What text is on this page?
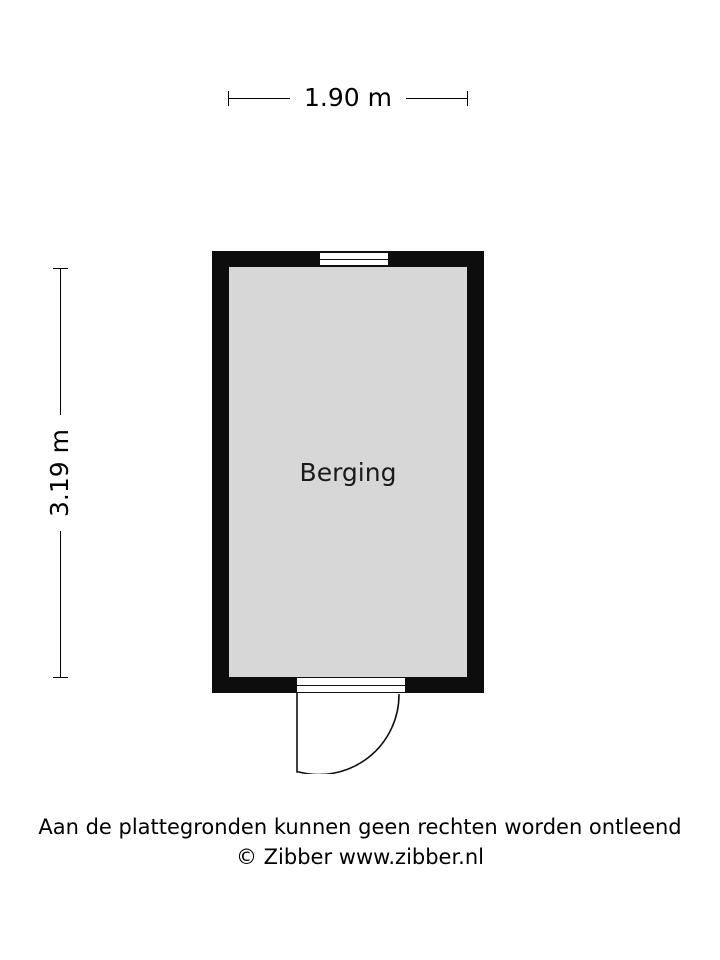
1.90 m
3.19 m	Berging
Aan de plattegronden kunnen geen rechten worden ontleend
© Zibber www.zibber.nl
